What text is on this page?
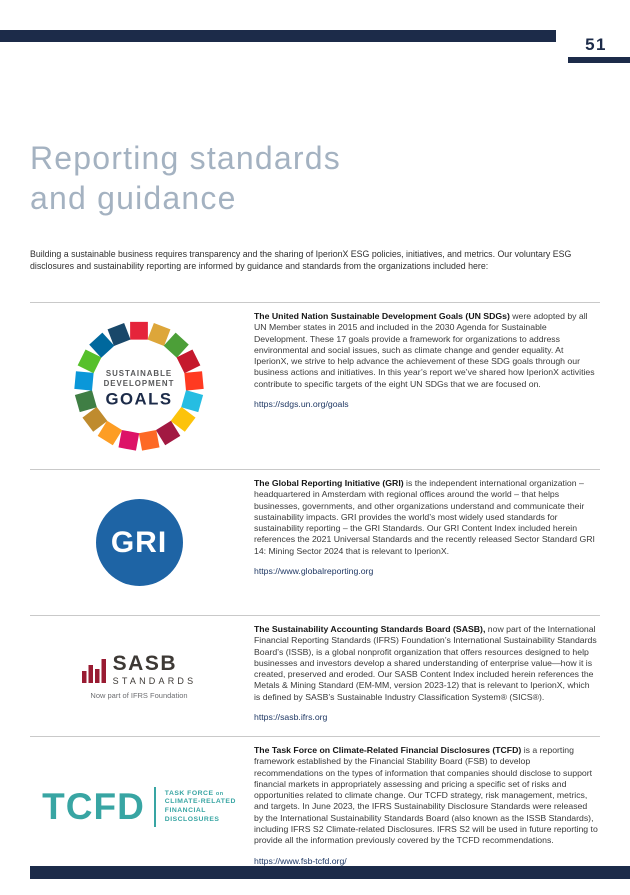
51
Reporting standards
and guidance

Building a sustainable business requires transparency and the sharing of IperionX ESG policies, initiatives, and metrics. Our voluntary ESG disclosures and sustainability reporting are informed by guidance and standards from the organizations included here:

SUSTAINABLE
DEVELOPMENT
GOALS

The United Nation Sustainable Development Goals (UN SDGs) were adopted by all UN Member states in 2015 and included in the 2030 Agenda for Sustainable Development. These 17 goals provide a framework for organizations to address environmental and social issues, such as climate change and gender equality. At IperionX, we strive to help advance the achievement of these SDG goals through our business actions and initiatives. In this year’s report we’ve shared how IperionX activities contribute to specific targets of the eight UN SDGs that we are focused on.

https://sdgs.un.org/goals
GRI

The Global Reporting Initiative (GRI) is the independent international organization – headquartered in Amsterdam with regional offices around the world – that helps businesses, governments, and other organizations understand and communicate their sustainability impacts. GRI provides the world’s most widely used standards for sustainability reporting – the GRI Standards. Our GRI Content Index included herein references the 2021 Universal Standards and the recently released Sector Standard GRI 14: Mining Sector 2024 that is relevant to IperionX.

https://www.globalreporting.org
SASB
STANDARDS
Now part of IFRS Foundation

The Sustainability Accounting Standards Board (SASB), now part of the International Financial Reporting Standards (IFRS) Foundation’s International Sustainability Standards Board’s (ISSB), is a global nonprofit organization that offers resources designed to help businesses and investors develop a shared understanding of enterprise value—how it is created, preserved and eroded. Our SASB Content Index included herein references the Metals & Mining Standard (EM-MM, version 2023-12) that is relevant to IperionX, which is defined by SASB’s Sustainable Industry Classification System® (SICS®).

https://sasb.ifrs.org
TCFD	TASK FORCE on
CLIMATE-RELATED
FINANCIAL
DISCLOSURES

The Task Force on Climate-Related Financial Disclosures (TCFD) is a reporting framework established by the Financial Stability Board (FSB) to develop recommendations on the types of information that companies should disclose to support financial markets in appropriately assessing and pricing a specific set of risks and opportunities related to climate change. Our TCFD strategy, risk management, metrics, and targets. In June 2023, the IFRS Sustainability Disclosure Standards were released by the International Sustainability Standards Board (also known as the ISSB Standards), including IFRS S2 Climate-related Disclosures. IFRS S2 will be used in future reporting to provide all the information previously covered by the TCFD recommendations.

https://www.fsb-tcfd.org/
